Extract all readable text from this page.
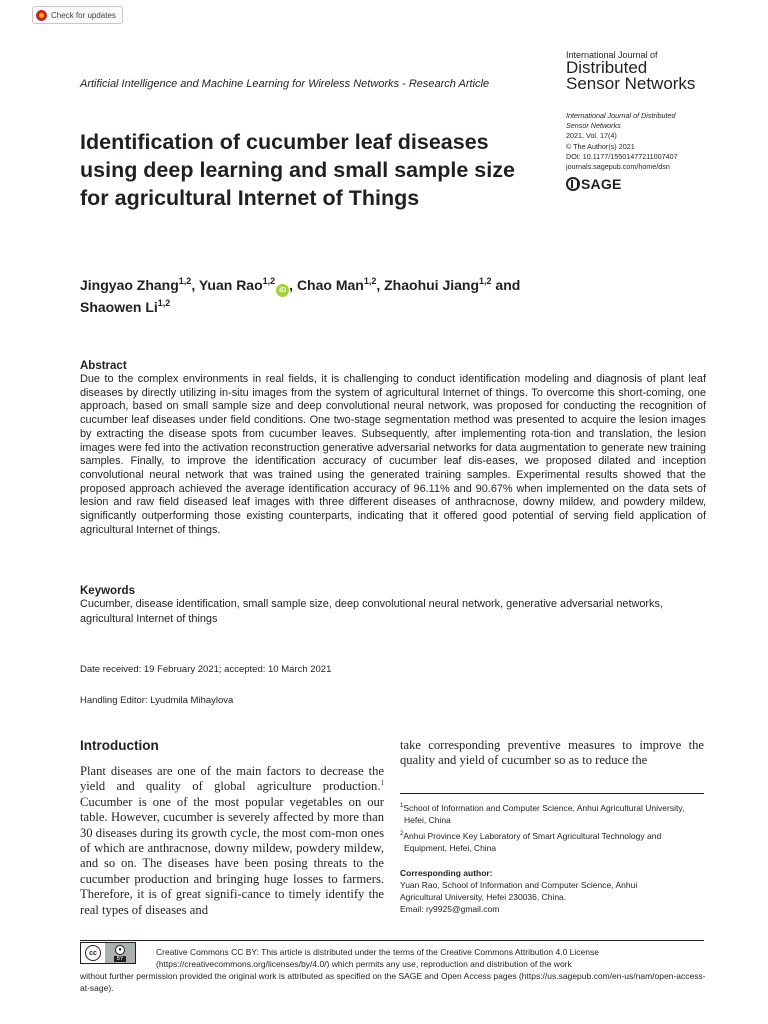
Check for updates
Artificial Intelligence and Machine Learning for Wireless Networks - Research Article
International Journal of
Distributed
Sensor Networks
International Journal of Distributed
Sensor Networks
2021, Vol. 17(4)
© The Author(s) 2021
DOI: 10.1177/15501477211007407
journals.sagepub.com/home/dsn
SAGE
Identification of cucumber leaf diseases using deep learning and small sample size for agricultural Internet of Things
Jingyao Zhang$^{1,2}$, Yuan Rao$^{1,2}$iD , Chao Man$^{1,2}$, Zhaohui Jiang$^{1,2}$ and
Shaowen Li$^{1,2}$
Abstract

Due to the complex environments in real fields, it is challenging to conduct identification modeling and diagnosis of plant leaf diseases by directly utilizing in-situ images from the system of agricultural Internet of things. To overcome this short-coming, one approach, based on small sample size and deep convolutional neural network, was proposed for conducting the recognition of cucumber leaf diseases under field conditions. One two-stage segmentation method was presented to acquire the lesion images by extracting the disease spots from cucumber leaves. Subsequently, after implementing rota-tion and translation, the lesion images were fed into the activation reconstruction generative adversarial networks for data augmentation to generate new training samples. Finally, to improve the identification accuracy of cucumber leaf dis-eases, we proposed dilated and inception convolutional neural network that was trained using the generated training samples. Experimental results showed that the proposed approach achieved the average identification accuracy of 96.11% and 90.67% when implemented on the data sets of lesion and raw field diseased leaf images with three different diseases of anthracnose, downy mildew, and powdery mildew, significantly outperforming those existing counterparts, indicating that it offered good potential of serving field application of agricultural Internet of things.

Keywords

Cucumber, disease identification, small sample size, deep convolutional neural network, generative adversarial networks, agricultural Internet of things

Date received: 19 February 2021; accepted: 10 March 2021
Handling Editor: Lyudmila Mihaylova
Introduction

Plant diseases are one of the main factors to decrease the yield and quality of global agriculture production.$^1$ Cucumber is one of the most popular vegetables on our table. However, cucumber is severely affected by more than 30 diseases during its growth cycle, the most com-mon ones of which are anthracnose, downy mildew, powdery mildew, and so on. The diseases have been posing threats to the cucumber production and bringing huge losses to farmers. Therefore, it is of great signifi-cance to timely identify the real types of diseases and

take corresponding preventive measures to improve the quality and yield of cucumber so as to reduce the

$^1$School of Information and Computer Science, Anhui Agricultural University, Hefei, China
$^2$Anhui Province Key Laboratory of Smart Agricultural Technology and Equipment, Hefei, China
Corresponding author:
Yuan Rao, School of Information and Computer Science, Anhui
Agricultural University, Hefei 230036, China.
Email: ry9925@gmail.com
cc	●
BY
Creative Commons CC BY: This article is distributed under the terms of the Creative Commons Attribution 4.0 License (https://creativecommons.org/licenses/by/4.0/) which permits any use, reproduction and distribution of the work
without further permission provided the original work is attributed as specified on the SAGE and Open Access pages (https://us.sagepub.com/en-us/nam/open-access-at-sage).
